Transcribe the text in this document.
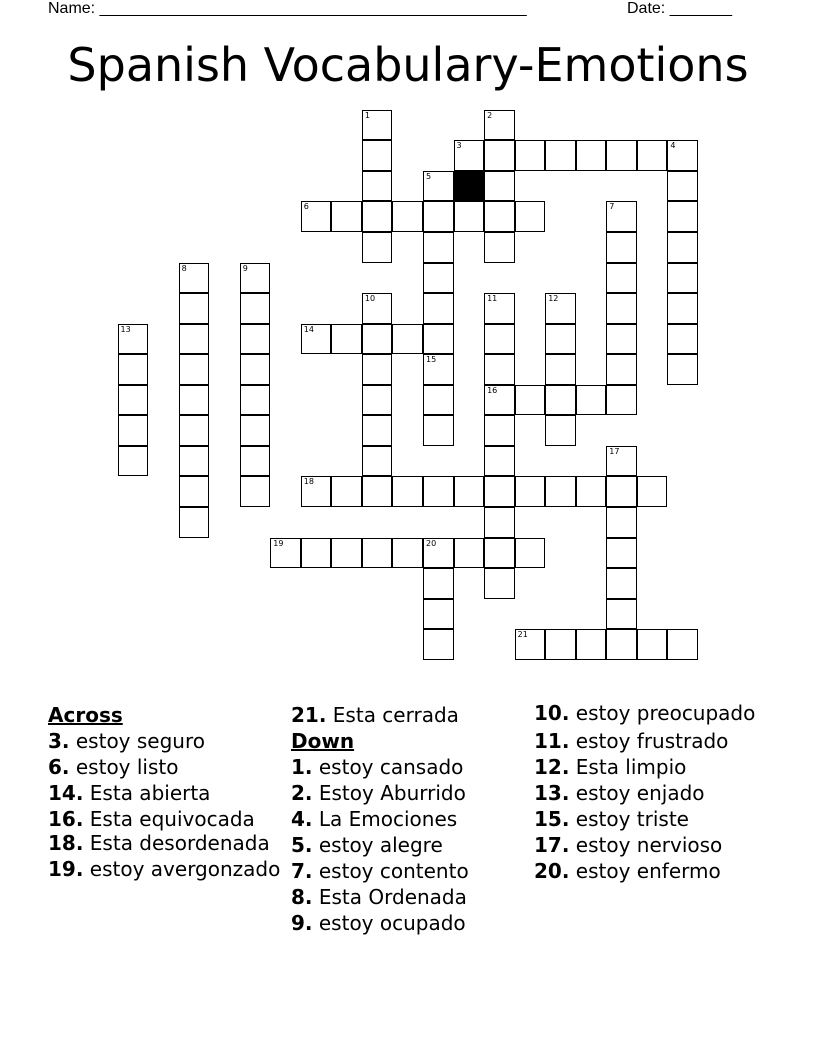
Name: ________________________________________________	Date: _______
Spanish Vocabulary-Emotions
1	2
3	4
5
6	7
8	9
10	11
16
12
13	14
15
17
18
19	20
21

Across

3. estoy seguro

6. estoy listo

14. Esta abierta

16. Esta equivocada

18. Esta desordenada

19. estoy avergonzado

21. Esta cerrada

Down

1. estoy cansado

2. Estoy Aburrido

4. La Emociones

5. estoy alegre

7. estoy contento

8. Esta Ordenada

9. estoy ocupado

10. estoy preocupado

11. estoy frustrado

12. Esta limpio

13. estoy enjado

15. estoy triste

17. estoy nervioso

20. estoy enfermo
